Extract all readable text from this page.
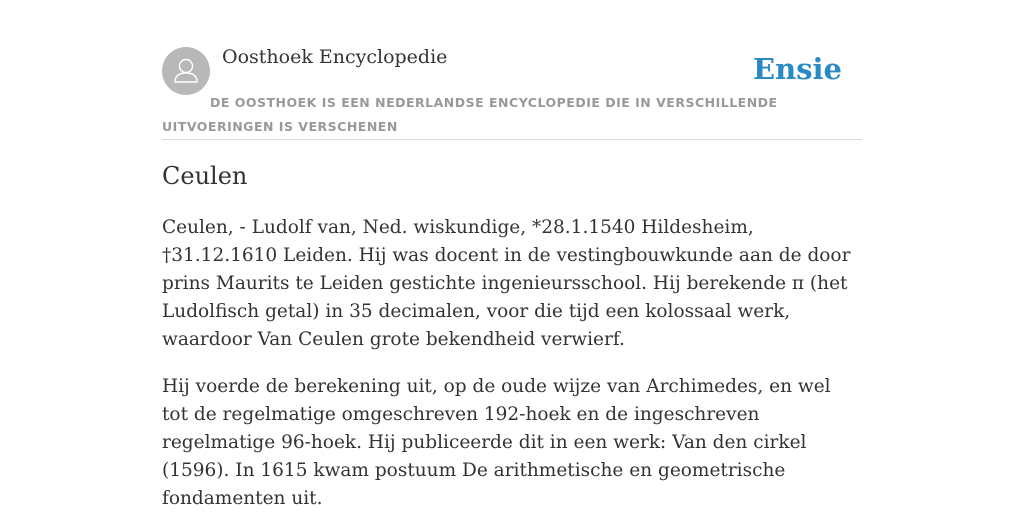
Oosthoek Encyclopedie	Ensie
DE OOSTHOEK IS EEN NEDERLANDSE ENCYCLOPEDIE DIE IN VERSCHILLENDE UITVOERINGEN IS VERSCHENEN
Ceulen

Ceulen, - Ludolf van, Ned. wiskundige, *28.1.1540 Hildesheim, †31.12.1610 Leiden. Hij was docent in de vestingbouwkunde aan de door prins Maurits te Leiden gestichte ingenieursschool. Hij berekende π (het Ludolfisch getal) in 35 decimalen, voor die tijd een kolossaal werk, waardoor Van Ceulen grote bekendheid verwierf.

Hij voerde de berekening uit, op de oude wijze van Archimedes, en wel tot de regelmatige omgeschreven 192-hoek en de ingeschreven regelmatige 96-hoek. Hij publiceerde dit in een werk: Van den cirkel (1596). In 1615 kwam postuum De arithmetische en geometrische fondamenten uit.
